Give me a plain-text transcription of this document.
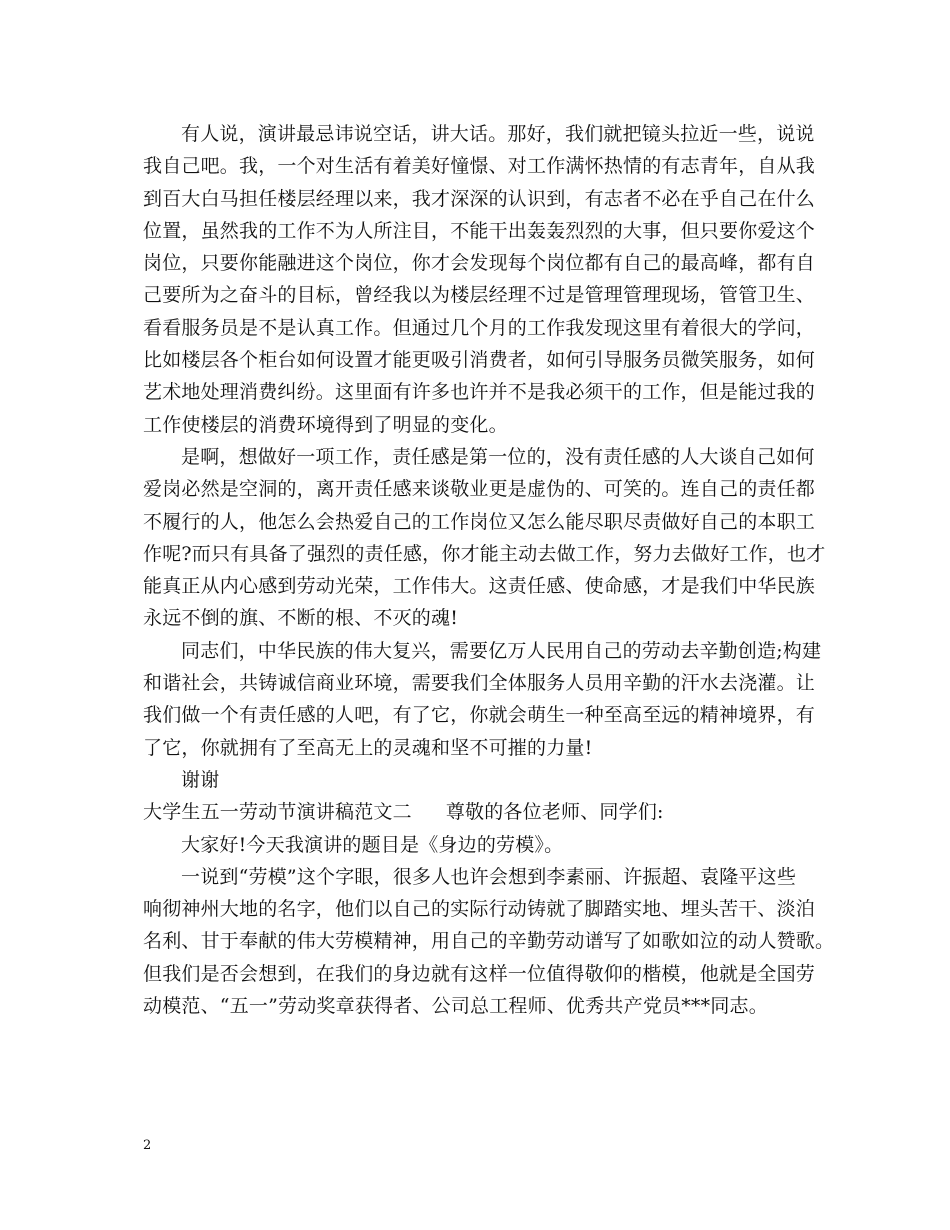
有人说，演讲最忌讳说空话，讲大话。那好，我们就把镜头拉近一些，说说
我自己吧。我，一个对生活有着美好憧憬、对工作满怀热情的有志青年，自从我
到百大白马担任楼层经理以来，我才深深的认识到，有志者不必在乎自己在什么
位置，虽然我的工作不为人所注目，不能干出轰轰烈烈的大事，但只要你爱这个
岗位，只要你能融进这个岗位，你才会发现每个岗位都有自己的最高峰，都有自
己要所为之奋斗的目标，曾经我以为楼层经理不过是管理管理现场，管管卫生、
看看服务员是不是认真工作。但通过几个月的工作我发现这里有着很大的学问，
比如楼层各个柜台如何设置才能更吸引消费者，如何引导服务员微笑服务，如何
艺术地处理消费纠纷。这里面有许多也许并不是我必须干的工作，但是能过我的
工作使楼层的消费环境得到了明显的变化。
是啊，想做好一项工作，责任感是第一位的，没有责任感的人大谈自己如何
爱岗必然是空洞的，离开责任感来谈敬业更是虚伪的、可笑的。连自己的责任都
不履行的人，他怎么会热爱自己的工作岗位又怎么能尽职尽责做好自己的本职工
作呢?而只有具备了强烈的责任感，你才能主动去做工作，努力去做好工作，也才
能真正从内心感到劳动光荣，工作伟大。这责任感、使命感，才是我们中华民族
永远不倒的旗、不断的根、不灭的魂!
同志们，中华民族的伟大复兴，需要亿万人民用自己的劳动去辛勤创造;构建
和谐社会，共铸诚信商业环境，需要我们全体服务人员用辛勤的汗水去浇灌。让
我们做一个有责任感的人吧，有了它，你就会萌生一种至高至远的精神境界，有
了它，你就拥有了至高无上的灵魂和坚不可摧的力量!
谢谢
大学生五一劳动节演讲稿范文二 尊敬的各位老师、同学们:
大家好!今天我演讲的题目是《身边的劳模》。
一说到“劳模”这个字眼，很多人也许会想到李素丽、许振超、袁隆平这些
响彻神州大地的名字，他们以自己的实际行动铸就了脚踏实地、埋头苦干、淡泊
名利、甘于奉献的伟大劳模精神，用自己的辛勤劳动谱写了如歌如泣的动人赞歌。
但我们是否会想到，在我们的身边就有这样一位值得敬仰的楷模，他就是全国劳
动模范、“五一”劳动奖章获得者、公司总工程师、优秀共产党员***同志。
2
